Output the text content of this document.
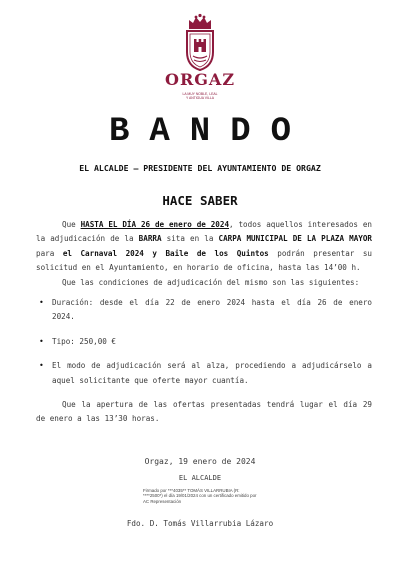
ORGAZ
LA MUY NOBLE, LEAL
Y ANTIGUA VILLA
BANDO
EL ALCALDE – PRESIDENTE DEL AYUNTAMIENTO DE ORGAZ
HACE SABER

Que HASTA EL DÍA 26 de enero de 2024, todos aquellos interesados en la adjudicación de la BARRA sita en la CARPA MUNICIPAL DE LA PLAZA MAYOR para el Carnaval 2024 y Baile de los Quintos podrán presentar su solicitud en el Ayuntamiento, en horario de oficina, hasta las 14’00 h.

Que las condiciones de adjudicación del mismo son las siguientes:

• Duración: desde el día 22 de enero 2024 hasta el día 26 de enero 2024.
• Tipo: 250,00 €
• El modo de adjudicación será al alza, procediendo a adjudicárselo a aquel solicitante que oferte mayor cuantía.

Que la apertura de las ofertas presentadas tendrá lugar el día 29 de enero a las 13’30 horas.

Orgaz, 19 enero de 2024
EL ALCALDE
Firmado por ***4035** TOMÁS VILLARRUBIA (R:
****2500*) el día 19/01/2024 con un certificado emitido por
AC Representación
Fdo. D. Tomás Villarrubia Lázaro
